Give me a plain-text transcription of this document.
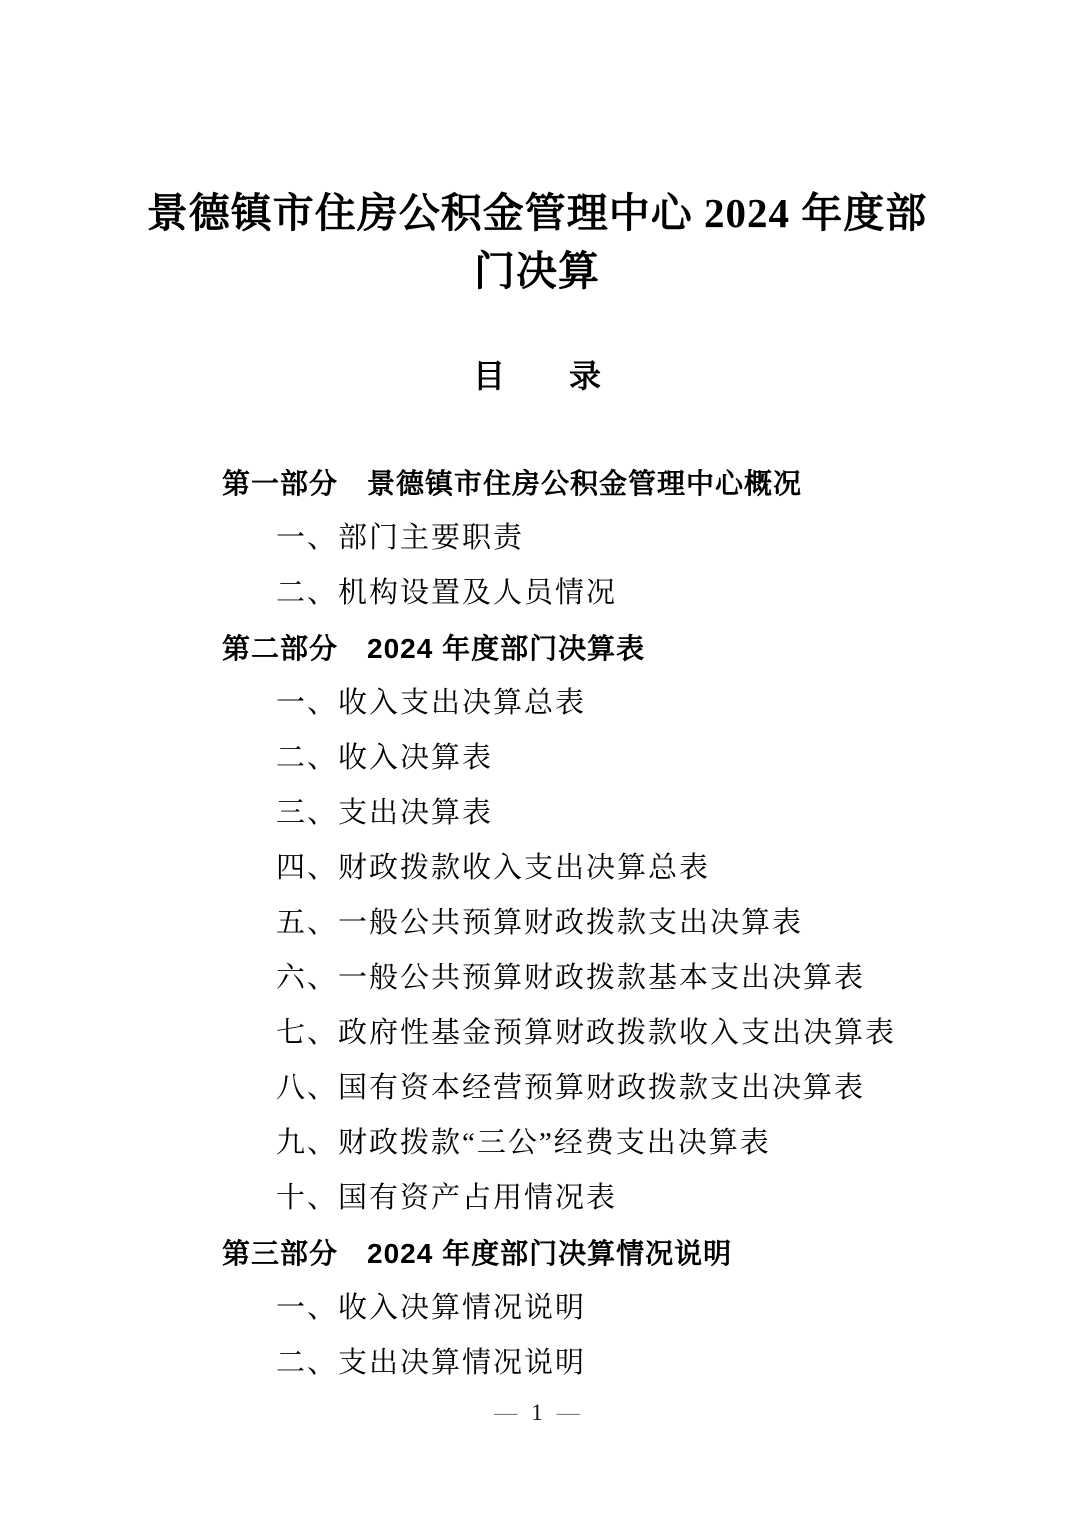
景德镇市住房公积金管理中心 2024 年度部
门决算
目　　录
第一部分　景德镇市住房公积金管理中心概况
一、部门主要职责
二、机构设置及人员情况
第二部分　2024 年度部门决算表
一、收入支出决算总表
二、收入决算表
三、支出决算表
四、财政拨款收入支出决算总表
五、一般公共预算财政拨款支出决算表
六、一般公共预算财政拨款基本支出决算表
七、政府性基金预算财政拨款收入支出决算表
八、国有资本经营预算财政拨款支出决算表
九、财政拨款“三公”经费支出决算表
十、国有资产占用情况表
第三部分　2024 年度部门决算情况说明
一、收入决算情况说明
二、支出决算情况说明
— 1 —
